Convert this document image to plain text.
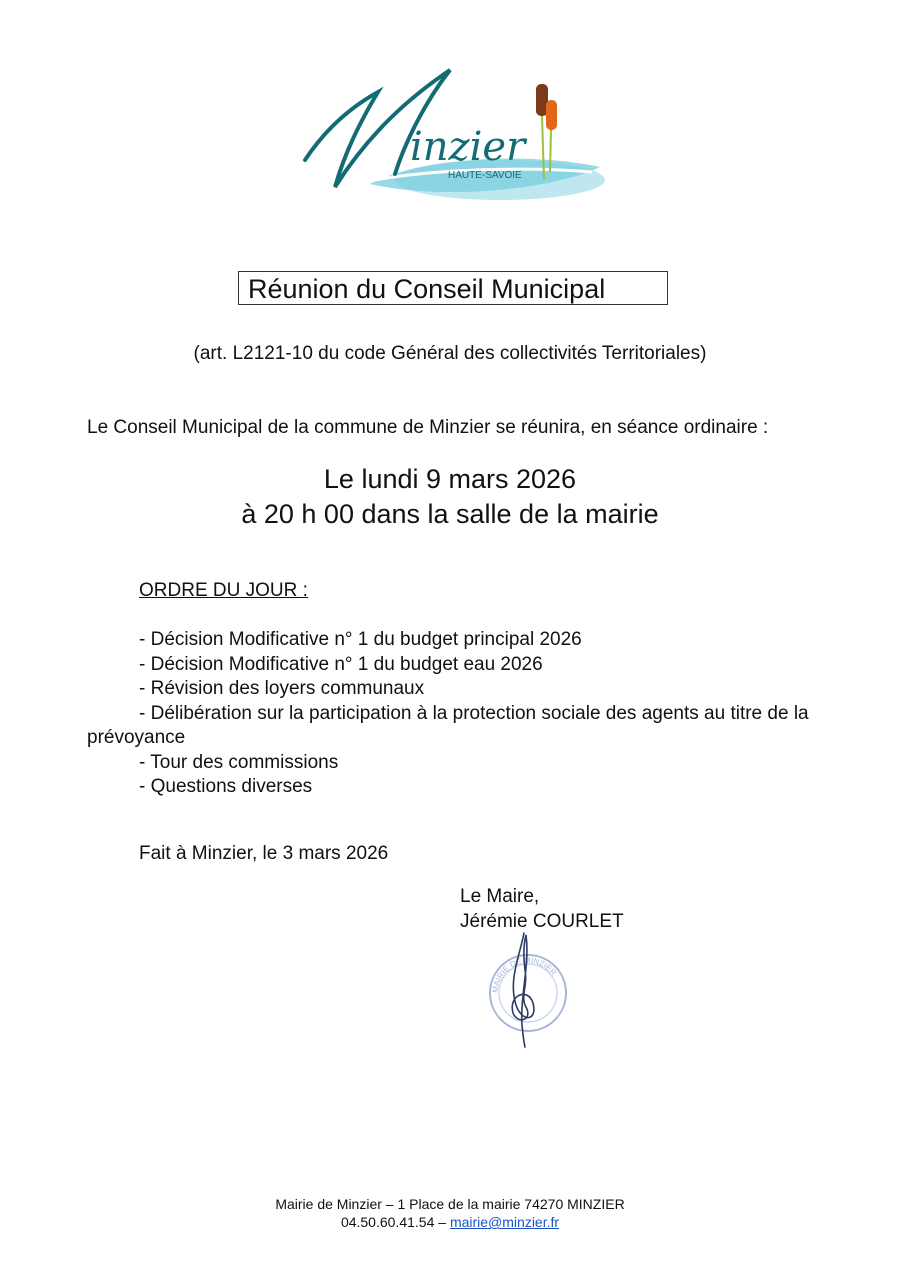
inzier
HAUTE-SAVOIE
Réunion du Conseil Municipal
(art. L2121-10 du code Général des collectivités Territoriales)
Le Conseil Municipal de la commune de Minzier se réunira, en séance ordinaire :
Le lundi 9 mars 2026
à 20 h 00 dans la salle de la mairie
ORDRE DU JOUR :
- Décision Modificative n° 1 du budget principal 2026
- Décision Modificative n° 1 du budget eau 2026
- Révision des loyers communaux
- Délibération sur la participation à la protection sociale des agents au titre de la prévoyance
- Tour des commissions
- Questions diverses
Fait à Minzier, le 3 mars 2026
Le Maire,
Jérémie COURLET
MAIRIE DE MINZIER
Mairie de Minzier – 1 Place de la mairie 74270 MINZIER
04.50.60.41.54 – mairie@minzier.fr
